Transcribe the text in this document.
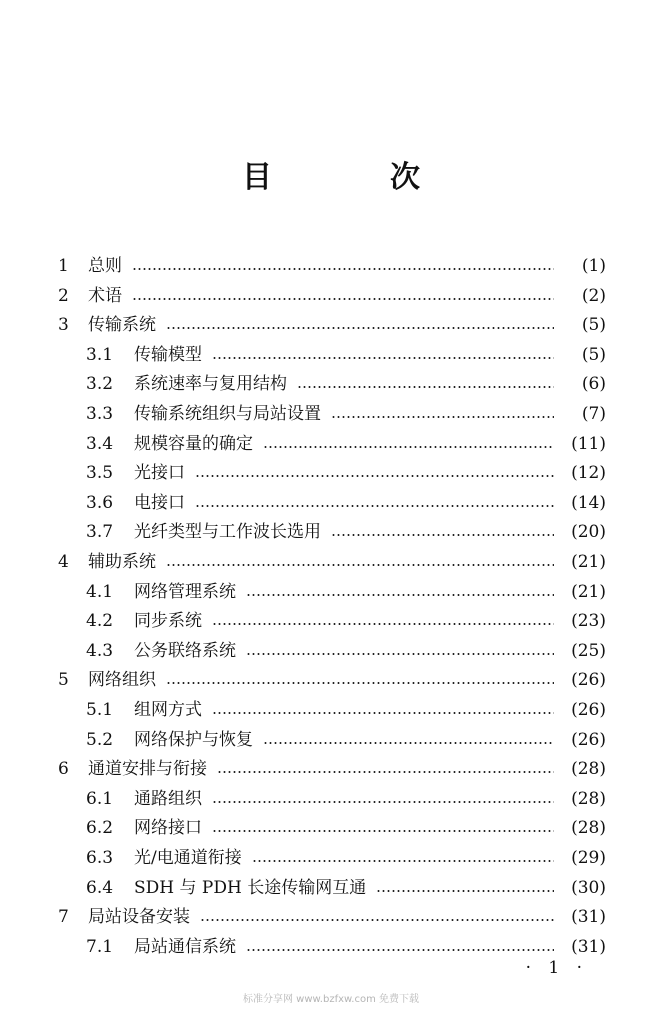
目　次
1	总则	(1)
2	术语	(2)
3	传输系统	(5)
3.1	传输模型	(5)
3.2	系统速率与复用结构	(6)
3.3	传输系统组织与局站设置	(7)
3.4	规模容量的确定	(11)
3.5	光接口	(12)
3.6	电接口	(14)
3.7	光纤类型与工作波长选用	(20)
4	辅助系统	(21)
4.1	网络管理系统	(21)
4.2	同步系统	(23)
4.3	公务联络系统	(25)
5	网络组织	(26)
5.1	组网方式	(26)
5.2	网络保护与恢复	(26)
6	通道安排与衔接	(28)
6.1	通路组织	(28)
6.2	网络接口	(28)
6.3	光/电通道衔接	(29)
6.4	SDH 与 PDH 长途传输网互通	(30)
7	局站设备安装	(31)
7.1	局站通信系统	(31)
· 1 ·
标准分享网 www.bzfxw.com 免费下载
